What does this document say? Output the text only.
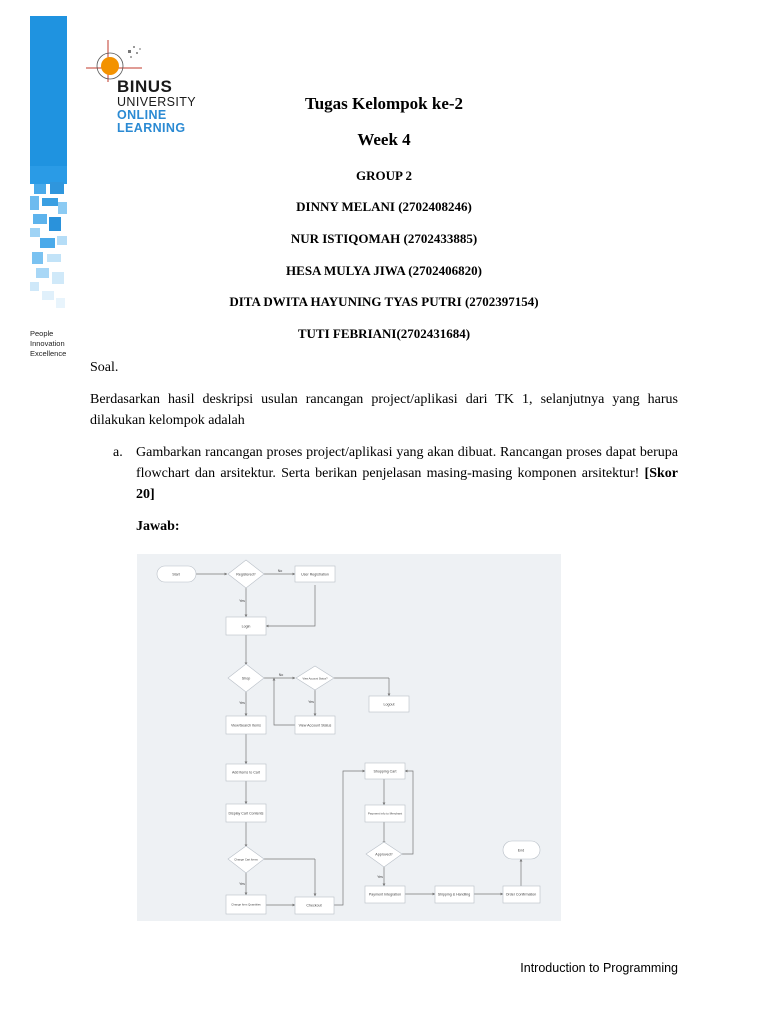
BINUS
UNIVERSITY
ONLINE
LEARNING
People
Innovation
Excellence
Tugas Kelompok ke-2
Week 4
GROUP 2
DINNY MELANI (2702408246)
NUR ISTIQOMAH (2702433885)
HESA MULYA JIWA (2702406820)
DITA DWITA HAYUNING TYAS PUTRI (2702397154)
TUTI FEBRIANI(2702431684)
Soal.
Berdasarkan hasil deskripsi usulan rancangan project/aplikasi dari TK 1, selanjutnya yang harus dilakukan kelompok adalah
a. Gambarkan rancangan proses project/aplikasi yang akan dibuat. Rancangan proses dapat berupa flowchart dan arsitektur. Serta berikan penjelasan masing-masing komponen arsitektur! [Skor 20]
Jawab:
Start	Registered?	User Registration
Login
Shop	View Account Status?
Logout
View/Search Items	View Account Status
Add Items to Cart
Display Cart Contents
Change Cart Items
Change Item Quantities	Checkout
Shopping Cart
Payment info to Merchant
Approved?
Payment Integration	Shipping & Handling	Order Confirmation
End
No
Yes
No
Yes	Yes
Yes
Yes
Introduction to Programming
